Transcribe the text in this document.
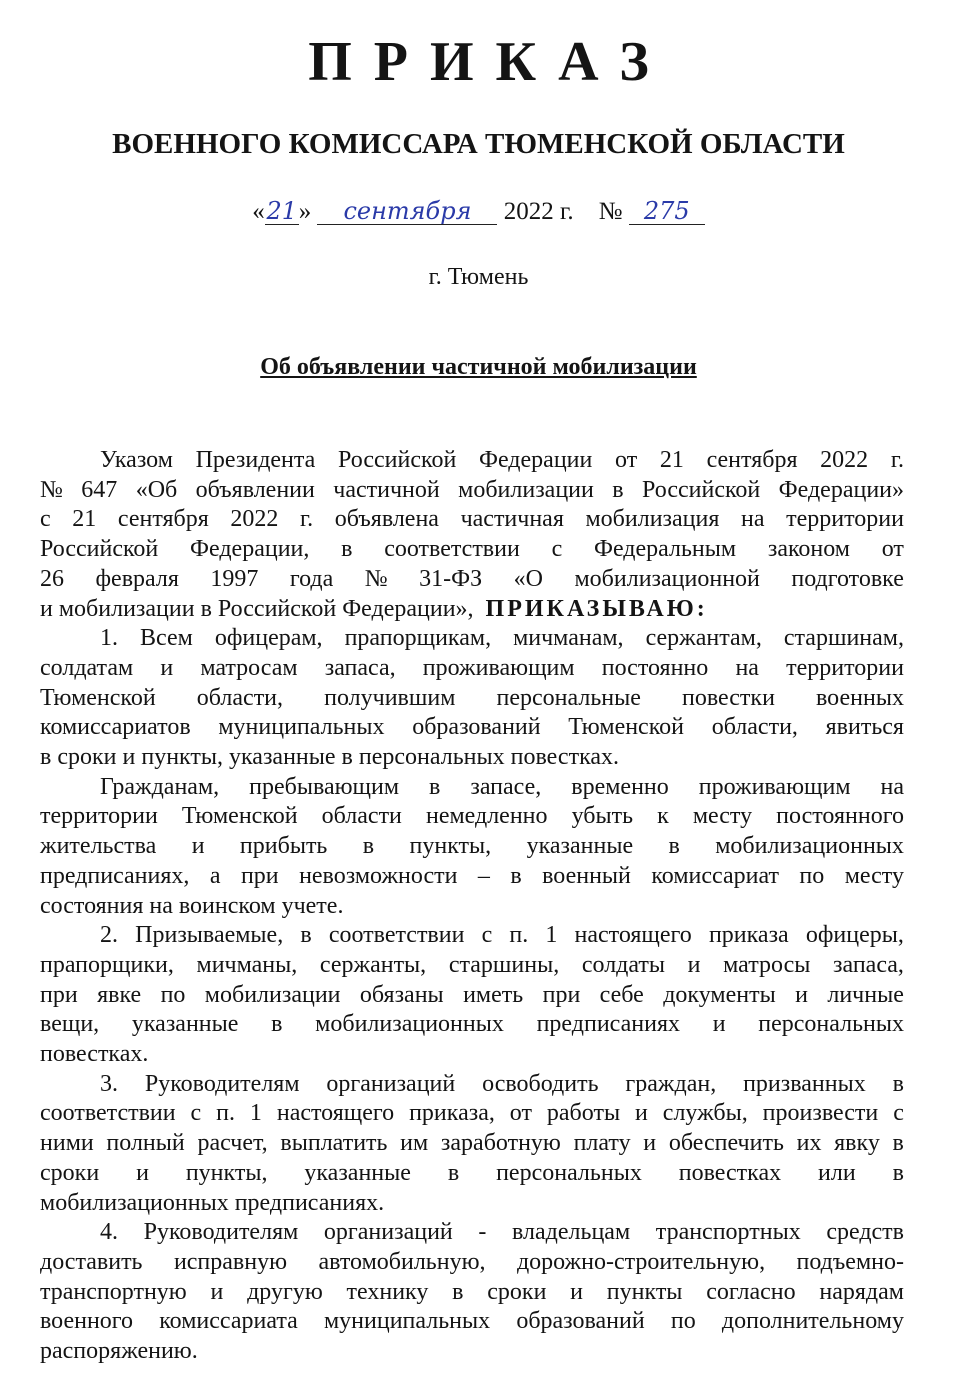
ПРИКАЗ
ВОЕННОГО КОМИССАРА ТЮМЕНСКОЙ ОБЛАСТИ
«21» сентября 2022 г. № 275
г. Тюмень
Об объявлении частичной мобилизации
Указом Президента Российской Федерации от 21 сентября 2022 г.
№ 647 «Об объявлении частичной мобилизации в Российской Федерации»
с 21 сентября 2022 г. объявлена частичная мобилизация на территории
Российской Федерации, в соответствии с Федеральным законом от
26 февраля 1997 года № 31-ФЗ «О мобилизационной подготовке
и мобилизации в Российской Федерации», ПРИКАЗЫВАЮ:
1. Всем офицерам, прапорщикам, мичманам, сержантам, старшинам,
солдатам и матросам запаса, проживающим постоянно на территории
Тюменской области, получившим персональные повестки военных
комиссариатов муниципальных образований Тюменской области, явиться
в сроки и пункты, указанные в персональных повестках.
Гражданам, пребывающим в запасе, временно проживающим на
территории Тюменской области немедленно убыть к месту постоянного
жительства и прибыть в пункты, указанные в мобилизационных
предписаниях, а при невозможности – в военный комиссариат по месту
состояния на воинском учете.
2. Призываемые, в соответствии с п. 1 настоящего приказа офицеры,
прапорщики, мичманы, сержанты, старшины, солдаты и матросы запаса,
при явке по мобилизации обязаны иметь при себе документы и личные
вещи, указанные в мобилизационных предписаниях и персональных
повестках.
3. Руководителям организаций освободить граждан, призванных в
соответствии с п. 1 настоящего приказа, от работы и службы, произвести с
ними полный расчет, выплатить им заработную плату и обеспечить их явку в
сроки и пункты, указанные в персональных повестках или в
мобилизационных предписаниях.
4. Руководителям организаций - владельцам транспортных средств
доставить исправную автомобильную, дорожно-строительную, подъемно-
транспортную и другую технику в сроки и пункты согласно нарядам
военного комиссариата муниципальных образований по дополнительному
распоряжению.
